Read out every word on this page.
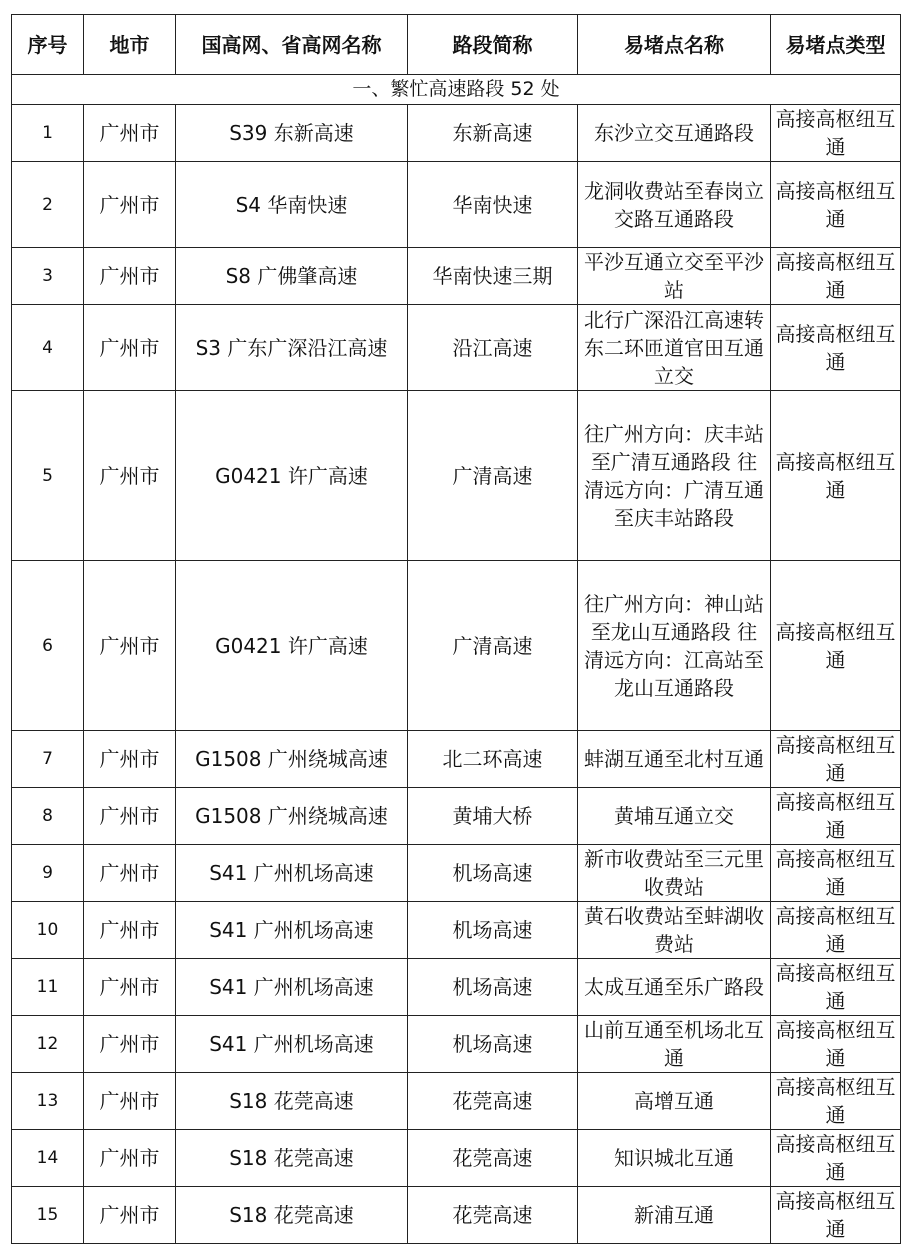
序号	地市	国高网、省高网名称	路段简称	易堵点名称	易堵点类型
一、繁忙高速路段 52 处					
1	广州市	S39 东新高速	东新高速	东沙立交互通路段	高接高枢纽互通
2	广州市	S4 华南快速	华南快速	龙洞收费站至春岗立交路互通路段	高接高枢纽互通
3	广州市	S8 广佛肇高速	华南快速三期	平沙互通立交至平沙站	高接高枢纽互通
4	广州市	S3 广东广深沿江高速	沿江高速	北行广深沿江高速转东二环匝道官田互通立交	高接高枢纽互通
5	广州市	G0421 许广高速	广清高速	往广州方向：庆丰站至广清互通路段 往清远方向：广清互通至庆丰站路段	高接高枢纽互通
6	广州市	G0421 许广高速	广清高速	往广州方向：神山站至龙山互通路段 往清远方向：江高站至龙山互通路段	高接高枢纽互通
7	广州市	G1508 广州绕城高速	北二环高速	蚌湖互通至北村互通	高接高枢纽互通
8	广州市	G1508 广州绕城高速	黄埔大桥	黄埔互通立交	高接高枢纽互通
9	广州市	S41 广州机场高速	机场高速	新市收费站至三元里收费站	高接高枢纽互通
10	广州市	S41 广州机场高速	机场高速	黄石收费站至蚌湖收费站	高接高枢纽互通
11	广州市	S41 广州机场高速	机场高速	太成互通至乐广路段	高接高枢纽互通
12	广州市	S41 广州机场高速	机场高速	山前互通至机场北互通	高接高枢纽互通
13	广州市	S18 花莞高速	花莞高速	高增互通	高接高枢纽互通
14	广州市	S18 花莞高速	花莞高速	知识城北互通	高接高枢纽互通
15	广州市	S18 花莞高速	花莞高速	新浦互通	高接高枢纽互通
